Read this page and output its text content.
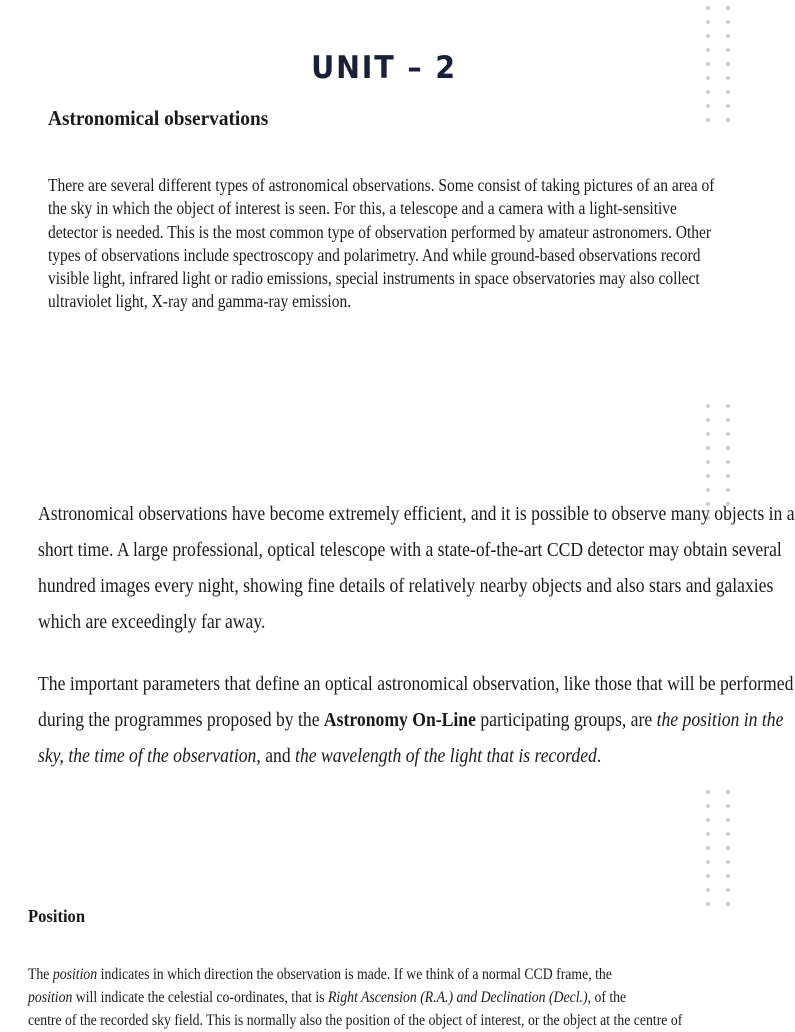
UNIT – 2
Astronomical observations

There are several different types of astronomical observations. Some consist of taking pictures of an area of
the sky in which the object of interest is seen. For this, a telescope and a camera with a light-sensitive
detector is needed. This is the most common type of observation performed by amateur astronomers. Other
types of observations include spectroscopy and polarimetry. And while ground-based observations record
visible light, infrared light or radio emissions, special instruments in space observatories may also collect
ultraviolet light, X-ray and gamma-ray emission.

Astronomical observations have become extremely efficient, and it is possible to observe many objects in a
short time. A large professional, optical telescope with a state-of-the-art CCD detector may obtain several
hundred images every night, showing fine details of relatively nearby objects and also stars and galaxies
which are exceedingly far away.

The important parameters that define an optical astronomical observation, like those that will be performed
during the programmes proposed by the Astronomy On-Line participating groups, are the position in the
sky, the time of the observation, and the wavelength of the light that is recorded.

Position

The position indicates in which direction the observation is made. If we think of a normal CCD frame, the
position will indicate the celestial co-ordinates, that is Right Ascension (R.A.) and Declination (Decl.), of the
centre of the recorded sky field. This is normally also the position of the object of interest, or the object at the centre of
